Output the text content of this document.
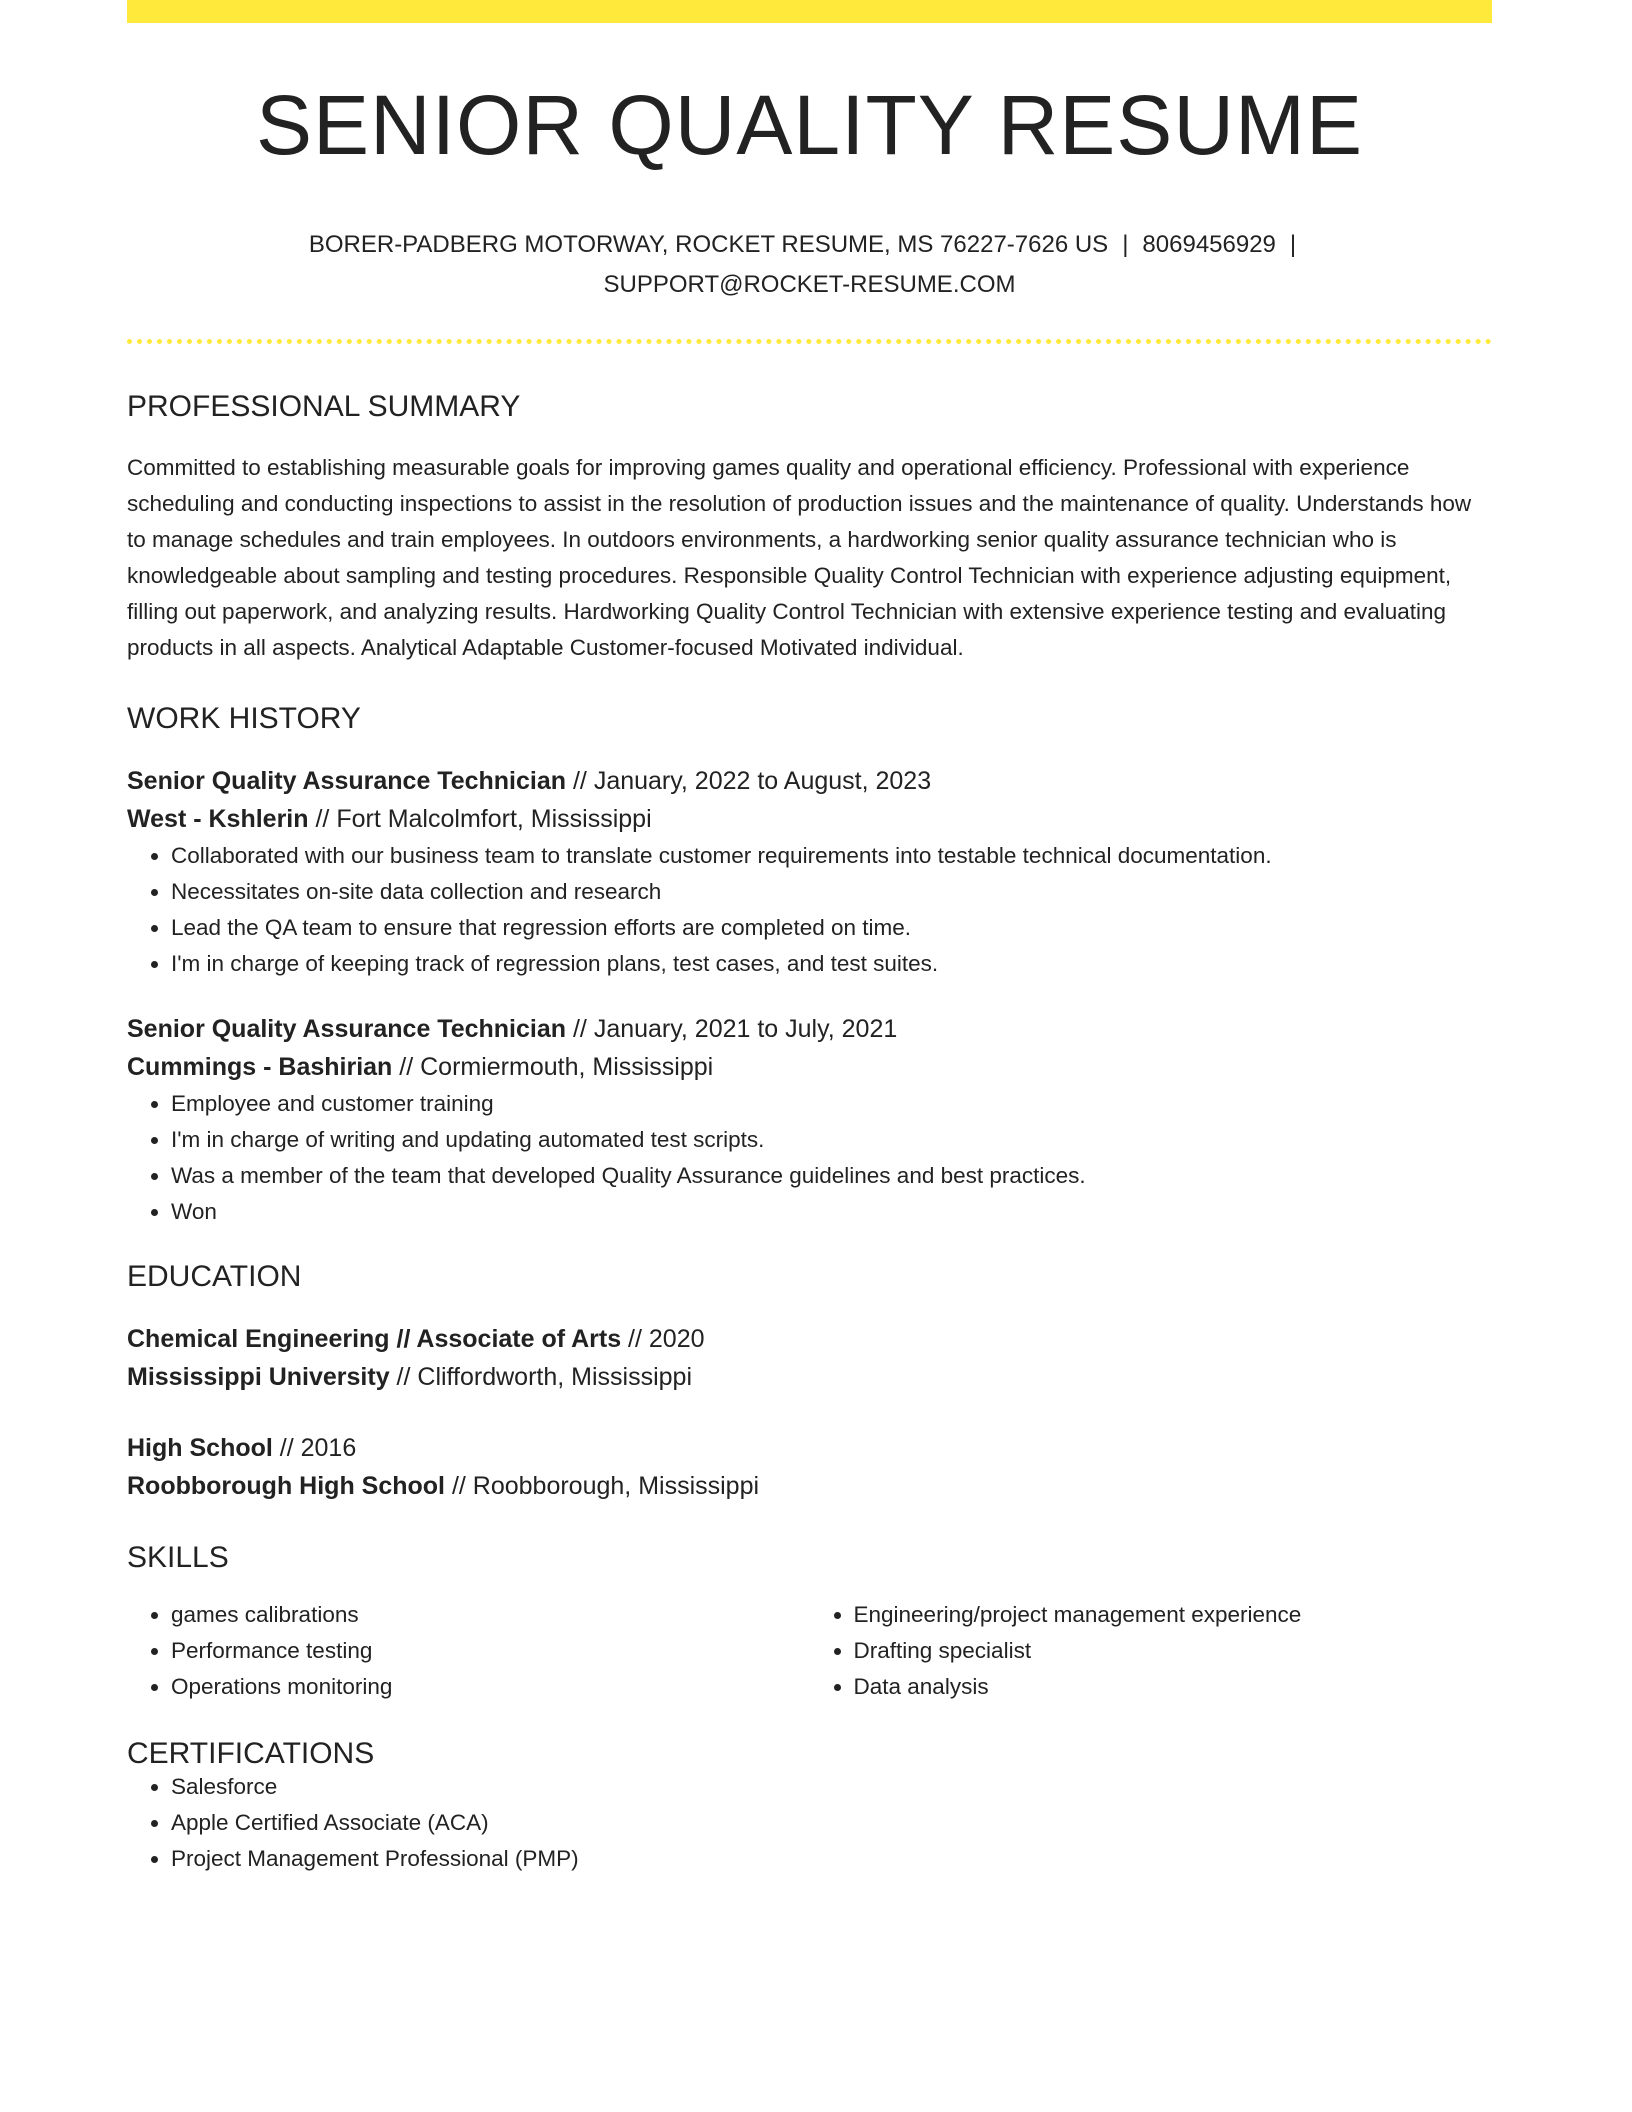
SENIOR QUALITY RESUME
BORER-PADBERG MOTORWAY, ROCKET RESUME, MS 76227-7626 US | 8069456929 |
SUPPORT@ROCKET-RESUME.COM
PROFESSIONAL SUMMARY

Committed to establishing measurable goals for improving games quality and operational efficiency. Professional with experience scheduling and conducting inspections to assist in the resolution of production issues and the maintenance of quality. Understands how to manage schedules and train employees. In outdoors environments, a hardworking senior quality assurance technician who is knowledgeable about sampling and testing procedures. Responsible Quality Control Technician with experience adjusting equipment, filling out paperwork, and analyzing results. Hardworking Quality Control Technician with extensive experience testing and evaluating products in all aspects. Analytical Adaptable Customer-focused Motivated individual.

WORK HISTORY
Senior Quality Assurance Technician // January, 2022 to August, 2023
West - Kshlerin // Fort Malcolmfort, Mississippi
• Collaborated with our business team to translate customer requirements into testable technical documentation.
• Necessitates on-site data collection and research
• Lead the QA team to ensure that regression efforts are completed on time.
• I'm in charge of keeping track of regression plans, test cases, and test suites.
Senior Quality Assurance Technician // January, 2021 to July, 2021
Cummings - Bashirian // Cormiermouth, Mississippi
• Employee and customer training
• I'm in charge of writing and updating automated test scripts.
• Was a member of the team that developed Quality Assurance guidelines and best practices.
• Won
EDUCATION
Chemical Engineering // Associate of Arts // 2020
Mississippi University // Cliffordworth, Mississippi
High School // 2016
Roobborough High School // Roobborough, Mississippi
SKILLS
• games calibrations
• Performance testing
• Operations monitoring
• Engineering/project management experience
• Drafting specialist
• Data analysis
CERTIFICATIONS
• Salesforce
• Apple Certified Associate (ACA)
• Project Management Professional (PMP)
